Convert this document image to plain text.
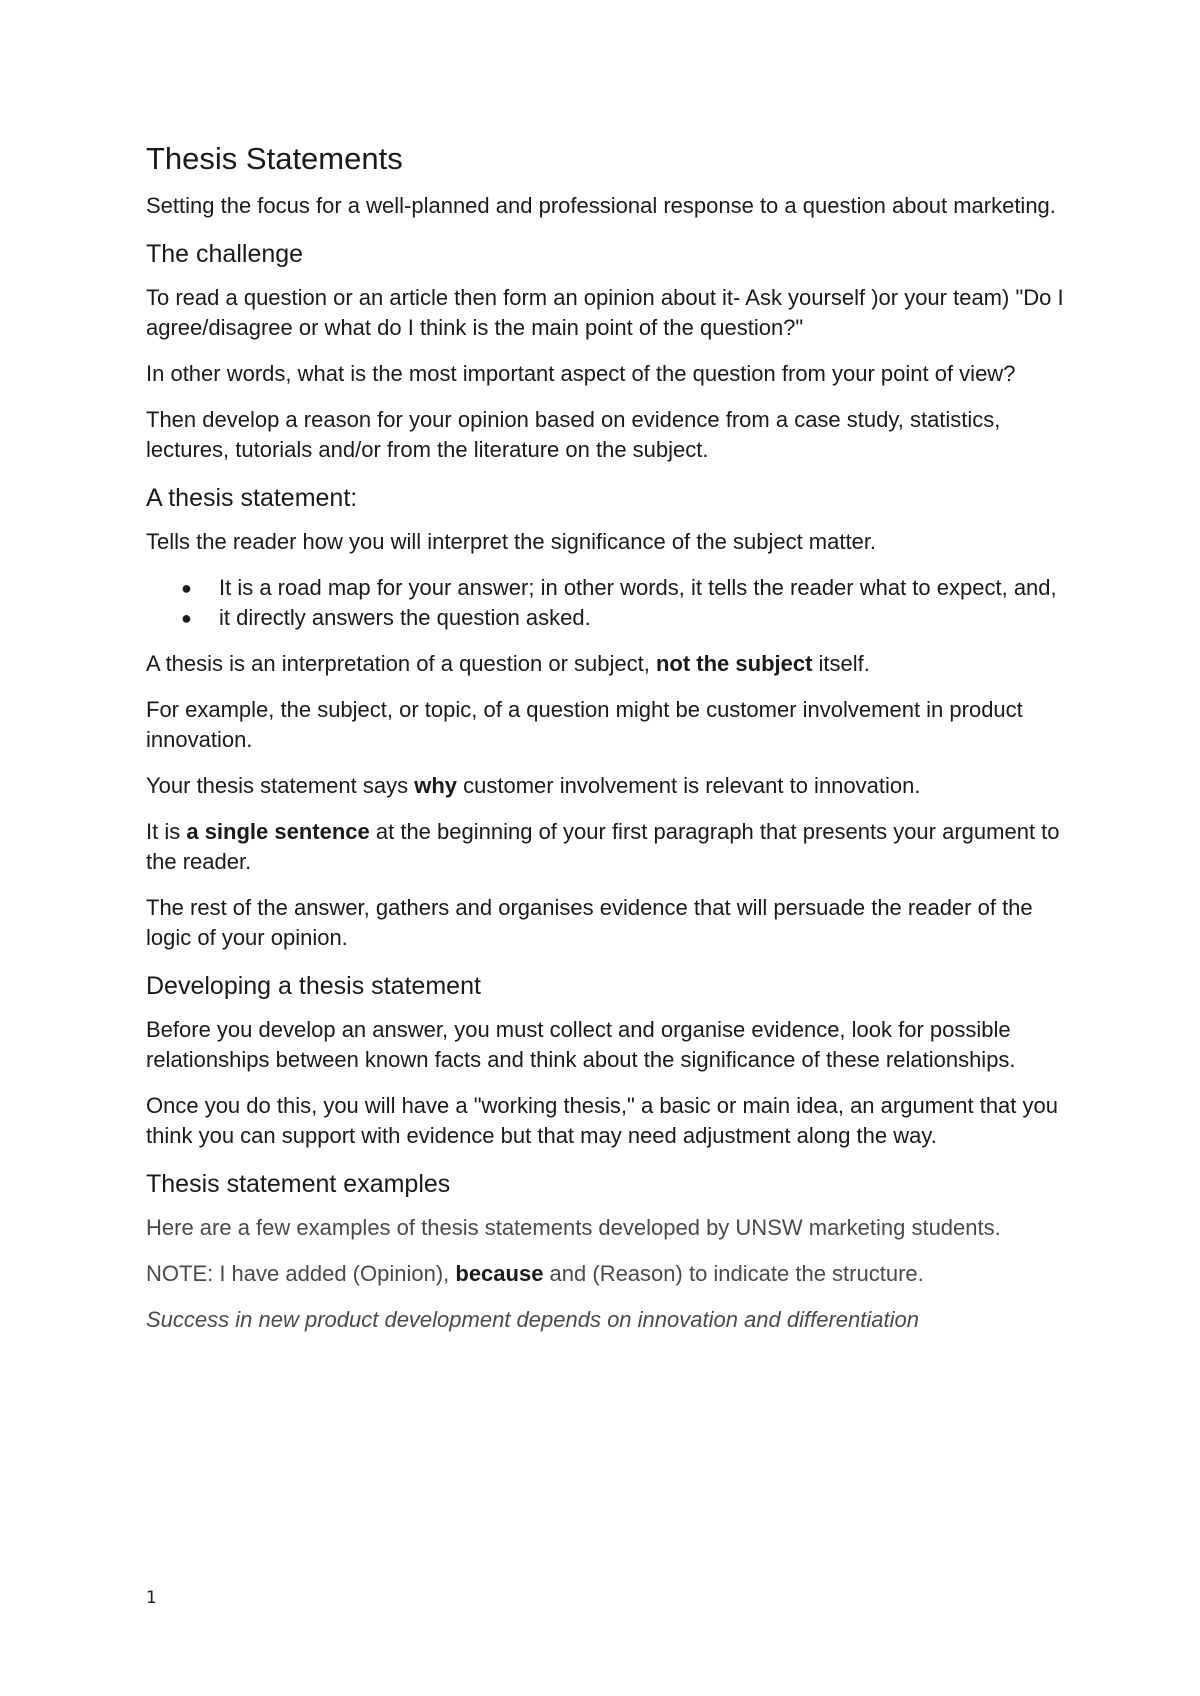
Thesis Statements

Setting the focus for a well-planned and professional response to a question about marketing.

The challenge

To read a question or an article then form an opinion about it- Ask yourself )or your team) "Do I agree/disagree or what do I think is the main point of the question?"

In other words, what is the most important aspect of the question from your point of view?

Then develop a reason for your opinion based on evidence from a case study, statistics, lectures, tutorials and/or from the literature on the subject.

A thesis statement:

Tells the reader how you will interpret the significance of the subject matter.

● It is a road map for your answer; in other words, it tells the reader what to expect, and,
● it directly answers the question asked.

A thesis is an interpretation of a question or subject, not the subject itself.

For example, the subject, or topic, of a question might be customer involvement in product innovation.

Your thesis statement says why customer involvement is relevant to innovation.

It is a single sentence at the beginning of your first paragraph that presents your argument to the reader.

The rest of the answer, gathers and organises evidence that will persuade the reader of the logic of your opinion.

Developing a thesis statement

Before you develop an answer, you must collect and organise evidence, look for possible relationships between known facts and think about the significance of these relationships.

Once you do this, you will have a "working thesis," a basic or main idea, an argument that you think you can support with evidence but that may need adjustment along the way.

Thesis statement examples

Here are a few examples of thesis statements developed by UNSW marketing students.

NOTE: I have added (Opinion), because and (Reason) to indicate the structure.

Success in new product development depends on innovation and differentiation

1
